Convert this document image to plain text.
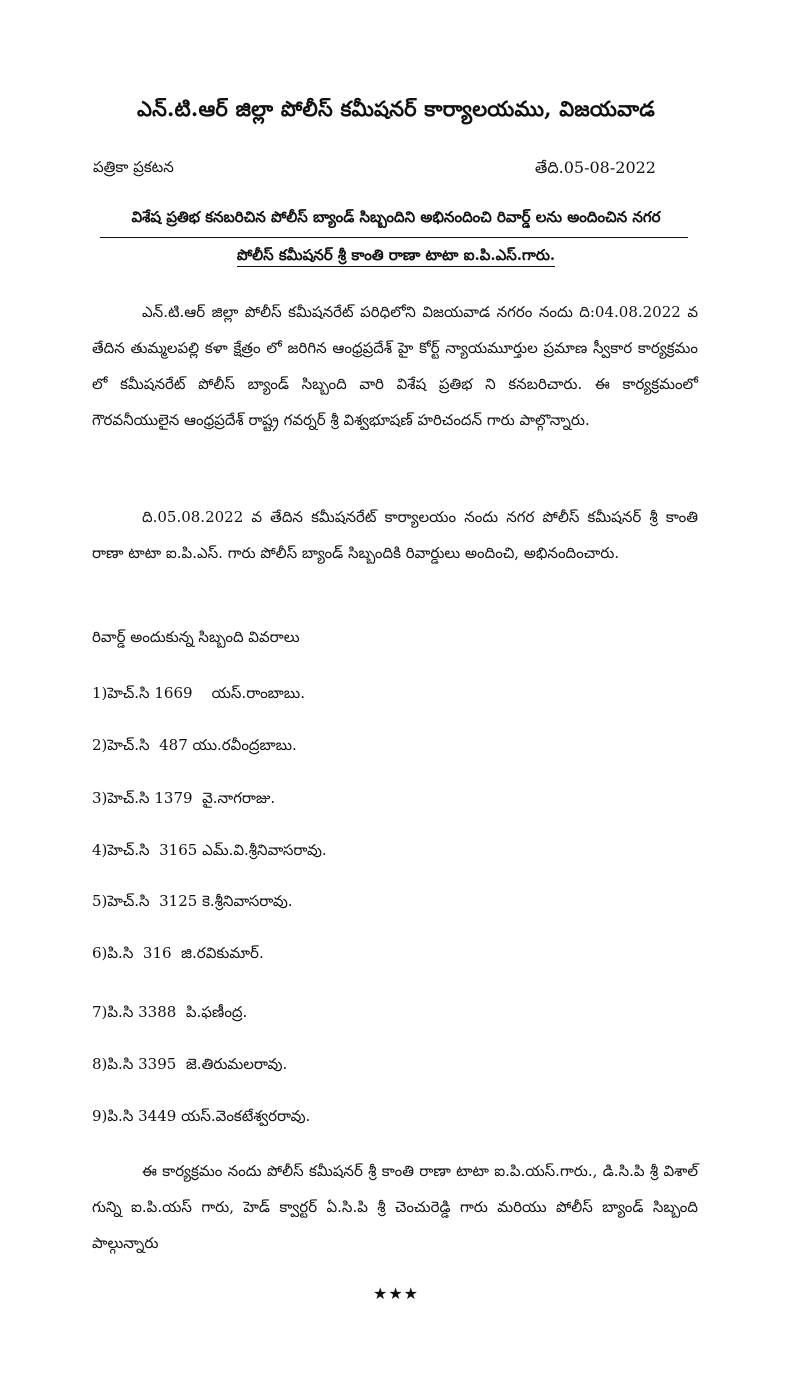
ఎన్.టి.ఆర్ జిల్లా పోలీస్ కమీషనర్ కార్యాలయము, విజయవాడ
పత్రికా ప్రకటన	తేది.05-08-2022
విశేష ప్రతిభ కనబరిచిన పోలీస్ బ్యాండ్ సిబ్బందిని అభినందించి రివార్డ్ లను అందించిన నగర
పోలీస్ కమీషనర్ శ్రీ కాంతి రాణా టాటా ఐ.పి.ఎస్.గారు.
ఎన్.టి.ఆర్ జిల్లా పోలీస్ కమీషనరేట్ పరిధిలోని విజయవాడ నగరం నందు ది:04.08.2022 వ తేదిన తుమ్మలపల్లి కళా క్షేత్రం లో జరిగిన ఆంధ్రప్రదేశ్ హై కోర్ట్ న్యాయమూర్తుల ప్రమాణ స్వీకార కార్యక్రమం లో కమీషనరేట్ పోలీస్ బ్యాండ్ సిబ్బంది వారి విశేష ప్రతిభ ని కనబరిచారు. ఈ కార్యక్రమంలో గౌరవనీయులైన ఆంధ్రప్రదేశ్ రాష్ట్ర గవర్నర్ శ్రీ విశ్వభూషణ్ హరిచందన్ గారు పాల్గొన్నారు.
ది.05.08.2022 వ తేదిన కమీషనరేట్ కార్యాలయం నందు నగర పోలీస్ కమీషనర్ శ్రీ కాంతి రాణా టాటా ఐ.పి.ఎస్. గారు పోలీస్ బ్యాండ్ సిబ్బందికి రివార్డులు అందించి, అభినందించారు.
రివార్డ్ అందుకున్న సిబ్బంది వివరాలు
1)హెచ్.సి 1669    యస్.రాంబాబు.
2)హెచ్.సి  487 యు.రవీంద్రబాబు.
3)హెచ్.సి 1379  వై.నాగరాజు.
4)హెచ్.సి  3165 ఎమ్.వి.శ్రీనివాసరావు.
5)హెచ్.సి  3125 కె.శ్రీనివాసరావు.
6)పి.సి  316  జి.రవికుమార్.
7)పి.సి 3388  పి.ఫణీంద్ర.
8)పి.సి 3395  జె.తిరుమలరావు.
9)పి.సి 3449 యస్.వెంకటేశ్వరరావు.
ఈ కార్యక్రమం నందు పోలీస్ కమీషనర్ శ్రీ కాంతి రాణా టాటా ఐ.పి.యస్.గారు., డి.సి.పి శ్రీ విశాల్ గున్ని ఐ.పి.యస్ గారు, హెడ్ క్వార్టర్ ఏ.సి.పి శ్రీ చెంచురెడ్డి గారు మరియు పోలీస్ బ్యాండ్ సిబ్బంది పాల్గున్నారు
★★★
